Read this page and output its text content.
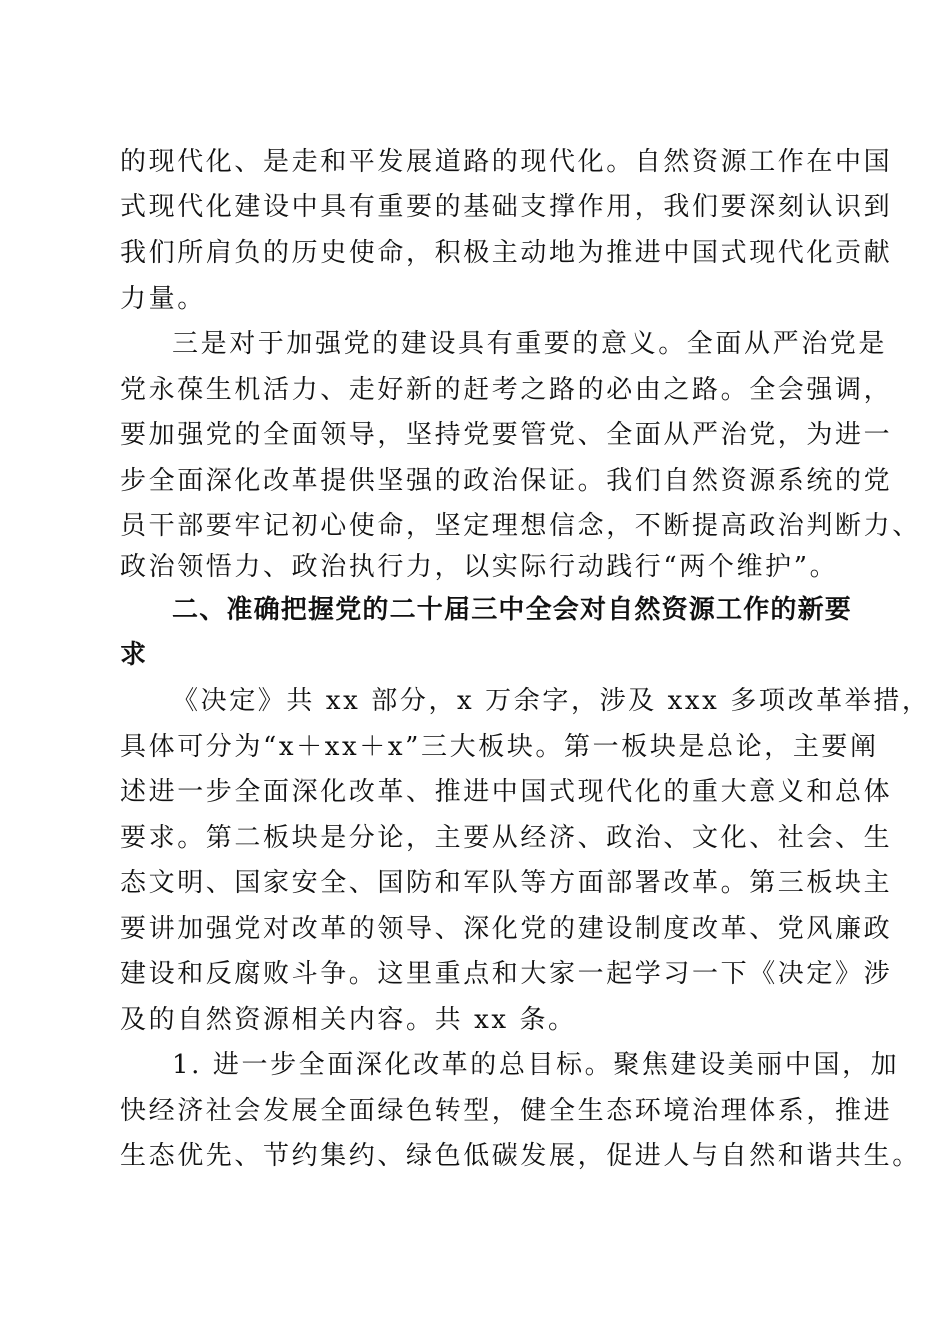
的现代化、是走和平发展道路的现代化。自然资源工作在中国
式现代化建设中具有重要的基础支撑作用，我们要深刻认识到
我们所肩负的历史使命，积极主动地为推进中国式现代化贡献
力量。
三是对于加强党的建设具有重要的意义。全面从严治党是
党永葆生机活力、走好新的赶考之路的必由之路。全会强调，
要加强党的全面领导，坚持党要管党、全面从严治党，为进一
步全面深化改革提供坚强的政治保证。我们自然资源系统的党
员干部要牢记初心使命，坚定理想信念，不断提高政治判断力、
政治领悟力、政治执行力，以实际行动践行“两个维护”。
二、准确把握党的二十届三中全会对自然资源工作的新要
求
《决定》共 xx 部分，x 万余字，涉及 xxx 多项改革举措，
具体可分为“x＋xx＋x”三大板块。第一板块是总论，主要阐
述进一步全面深化改革、推进中国式现代化的重大意义和总体
要求。第二板块是分论，主要从经济、政治、文化、社会、生
态文明、国家安全、国防和军队等方面部署改革。第三板块主
要讲加强党对改革的领导、深化党的建设制度改革、党风廉政
建设和反腐败斗争。这里重点和大家一起学习一下《决定》涉
及的自然资源相关内容。共 xx 条。
1. 进一步全面深化改革的总目标。聚焦建设美丽中国，加
快经济社会发展全面绿色转型，健全生态环境治理体系，推进
生态优先、节约集约、绿色低碳发展，促进人与自然和谐共生。
